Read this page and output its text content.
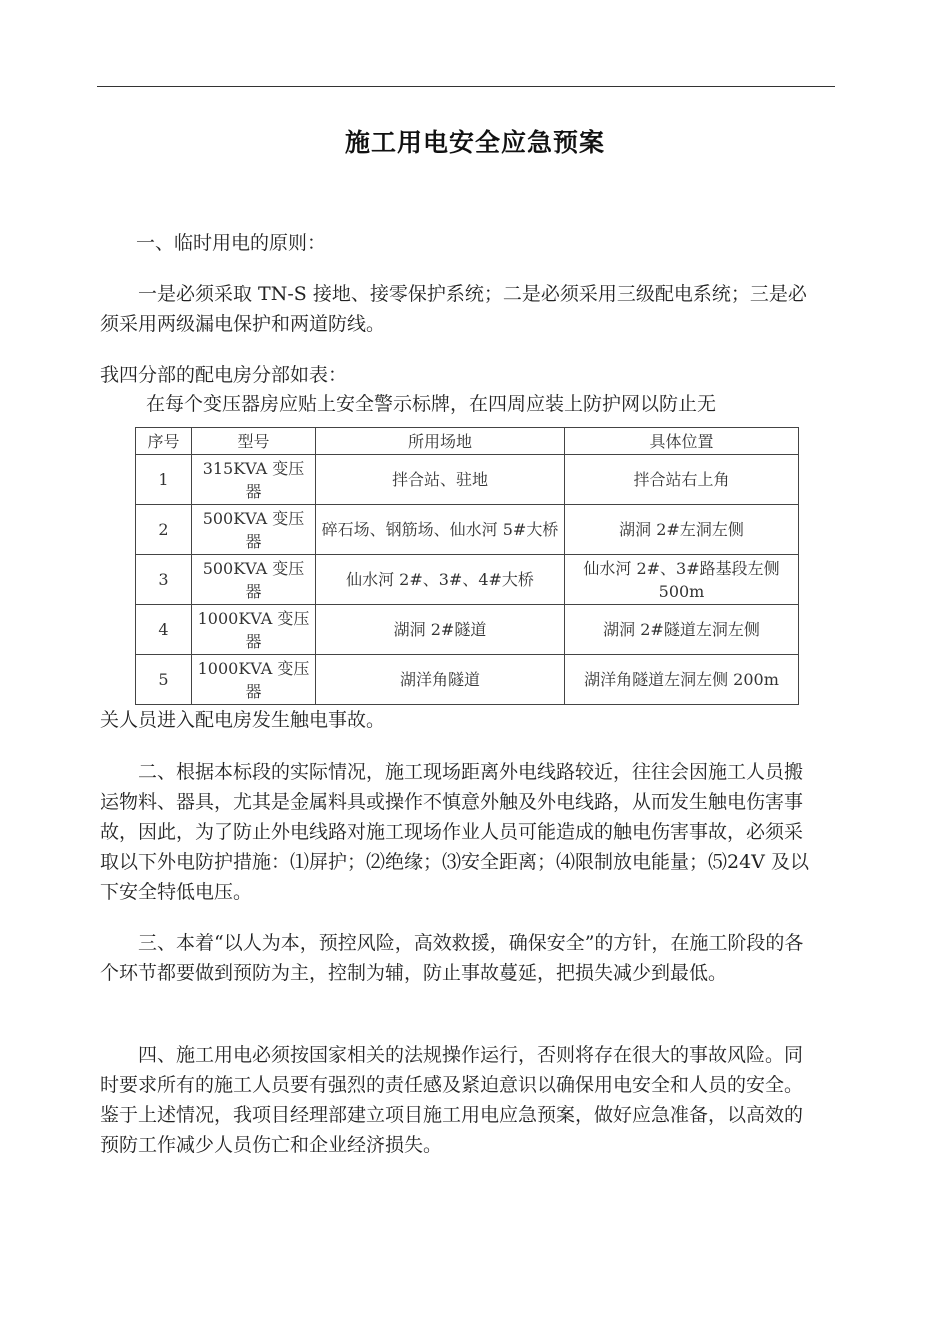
施工用电安全应急预案
一、临时用电的原则：

一是必须采取 TN-S 接地、接零保护系统；二是必须采用三级配电系统；三是必须采用两级漏电保护和两道防线。

我四分部的配电房分部如表：
在每个变压器房应贴上安全警示标牌，在四周应装上防护网以防止无
序号	型号	所用场地	具体位置
1	315KVA 变压器	拌合站、驻地	拌合站右上角
2	500KVA 变压器	碎石场、钢筋场、仙水河 5#大桥	湖洞 2#左洞左侧
3	500KVA 变压器	仙水河 2#、3#、4#大桥	仙水河 2#、3#路基段左侧 500m
4	1000KVA 变压器	湖洞 2#隧道	湖洞 2#隧道左洞左侧
5	1000KVA 变压器	湖洋角隧道	湖洋角隧道左洞左侧 200m
关人员进入配电房发生触电事故。

二、根据本标段的实际情况，施工现场距离外电线路较近，往往会因施工人员搬运物料、器具，尤其是金属料具或操作不慎意外触及外电线路，从而发生触电伤害事故，因此，为了防止外电线路对施工现场作业人员可能造成的触电伤害事故，必须采取以下外电防护措施：⑴屏护；⑵绝缘；⑶安全距离；⑷限制放电能量；⑸24V 及以下安全特低电压。

三、本着“以人为本，预控风险，高效救援，确保安全”的方针，在施工阶段的各个环节都要做到预防为主，控制为辅，防止事故蔓延，把损失减少到最低。

四、施工用电必须按国家相关的法规操作运行，否则将存在很大的事故风险。同时要求所有的施工人员要有强烈的责任感及紧迫意识以确保用电安全和人员的安全。鉴于上述情况，我项目经理部建立项目施工用电应急预案，做好应急准备，以高效的预防工作减少人员伤亡和企业经济损失。
